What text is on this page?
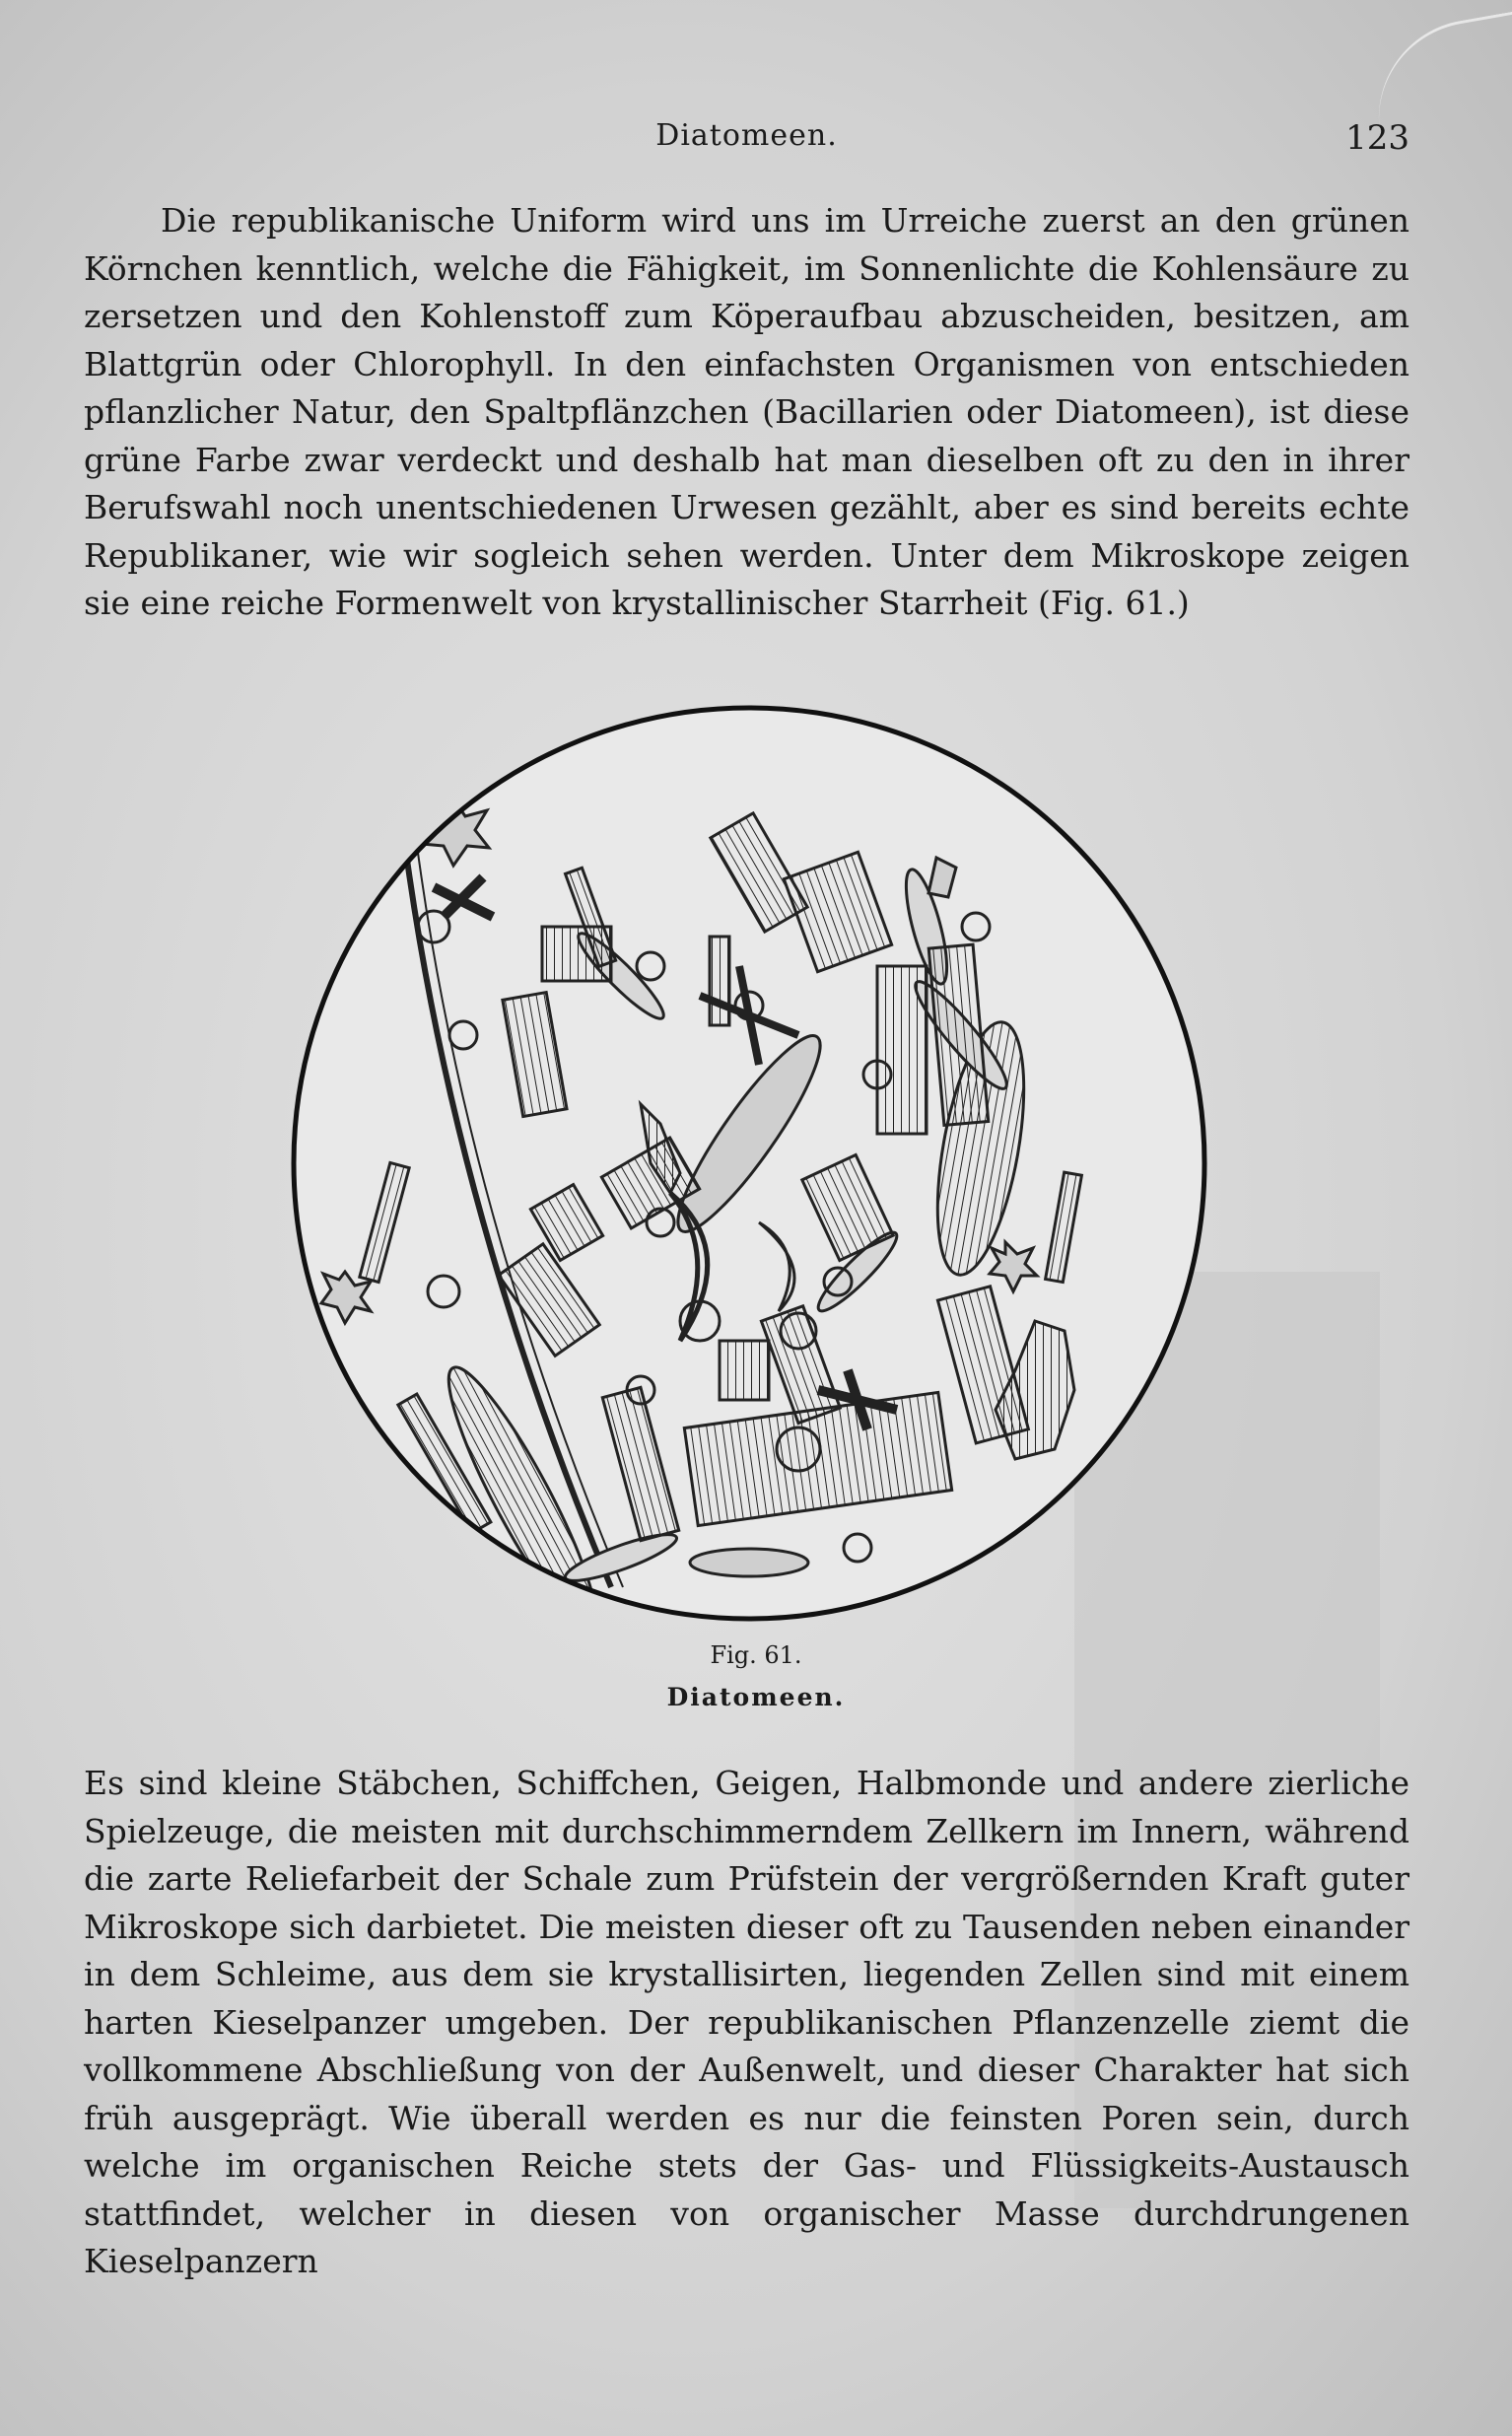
Diatomeen.	123

Die republikanische Uniform wird uns im Urreiche zuerst an den grünen Körnchen kenntlich, welche die Fähigkeit, im Sonnenlichte die Kohlensäure zu zersetzen und den Kohlenstoff zum Köperaufbau abzuscheiden, besitzen, am Blattgrün oder Chlorophyll. In den einfachsten Organismen von entschieden pflanzlicher Natur, den Spaltpflänzchen (Bacillarien oder Diatomeen), ist diese grüne Farbe zwar verdeckt und deshalb hat man dieselben oft zu den in ihrer Berufswahl noch unentschiedenen Urwesen gezählt, aber es sind bereits echte Republikaner, wie wir sogleich sehen werden. Unter dem Mikroskope zeigen sie eine reiche Formenwelt von krystallinischer Starrheit (Fig. 61.)

Fig. 61.
Diatomeen.

Es sind kleine Stäbchen, Schiffchen, Geigen, Halbmonde und andere zierliche Spielzeuge, die meisten mit durchschimmerndem Zellkern im Innern, während die zarte Reliefarbeit der Schale zum Prüfstein der vergrößernden Kraft guter Mikroskope sich darbietet. Die meisten dieser oft zu Tausenden neben einander in dem Schleime, aus dem sie krystallisirten, liegenden Zellen sind mit einem harten Kieselpanzer umgeben. Der republikanischen Pflanzenzelle ziemt die vollkommene Abschließung von der Außenwelt, und dieser Charakter hat sich früh ausgeprägt. Wie überall werden es nur die feinsten Poren sein, durch welche im organischen Reiche stets der Gas- und Flüssigkeits-Austausch stattfindet, welcher in diesen von organischer Masse durchdrungenen Kieselpanzern
